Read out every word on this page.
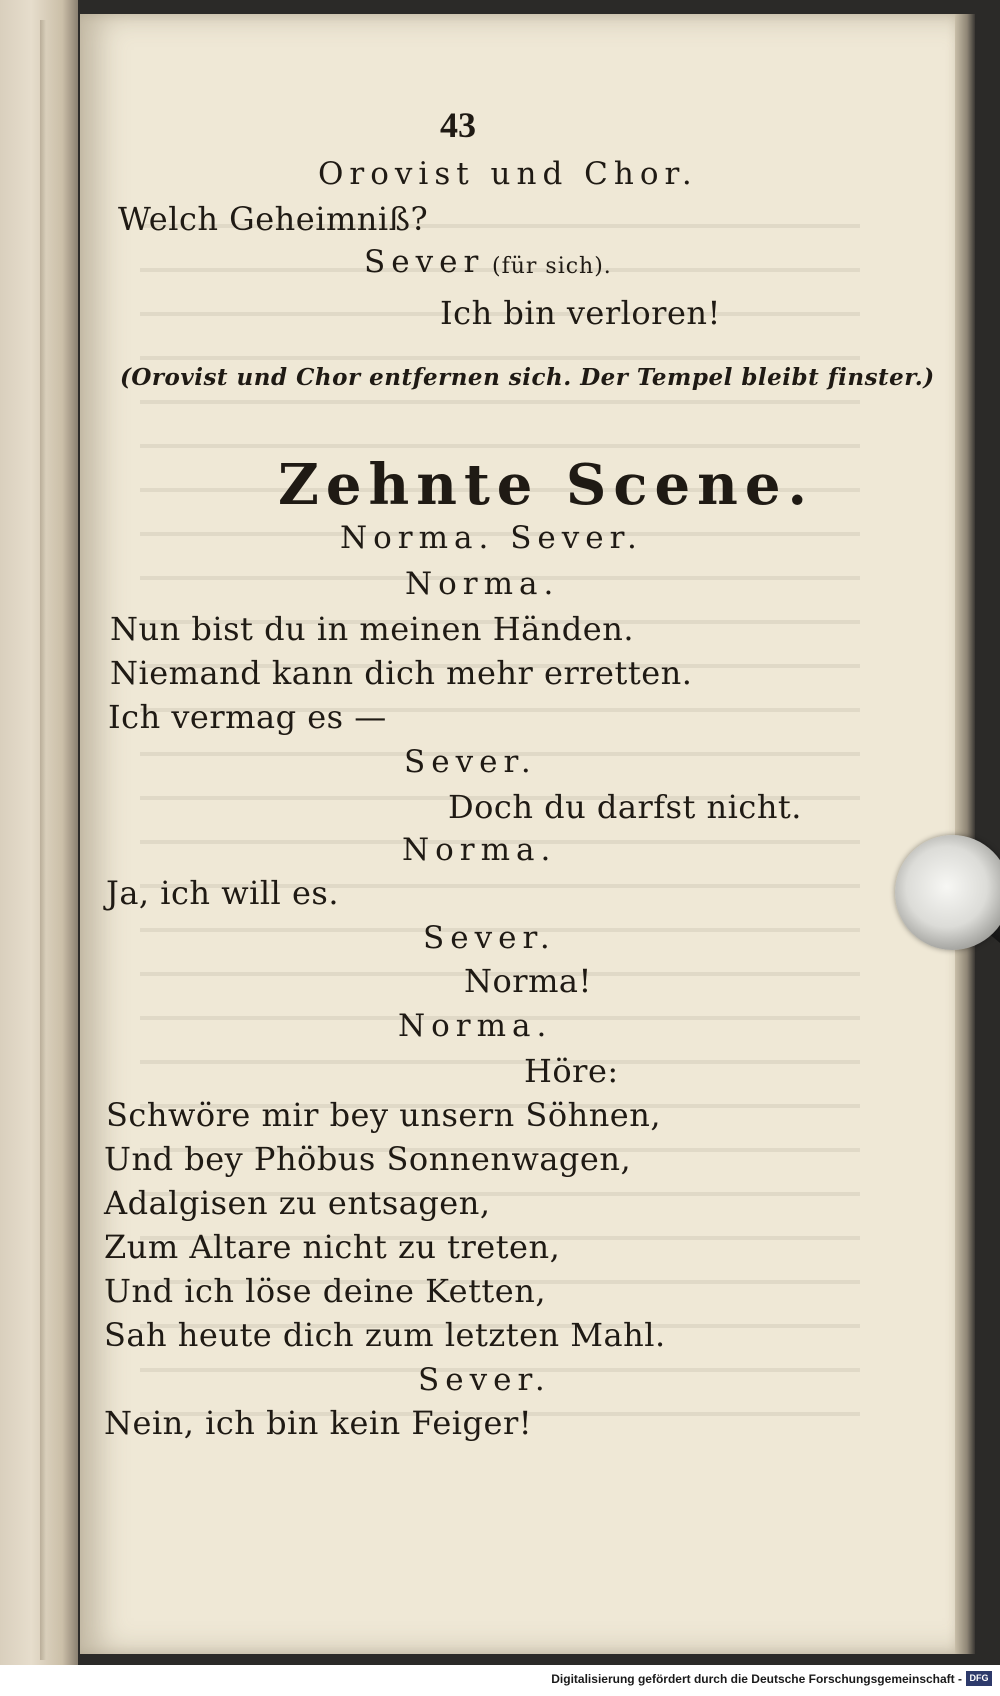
43
Orovist und Chor.
Welch Geheimniß?
Sever (für sich).
Ich bin verloren!
(Orovist und Chor entfernen sich. Der Tempel bleibt finster.)
Zehnte Scene.
Norma. Sever.
Norma.
Nun bist du in meinen Händen.
Niemand kann dich mehr erretten.
Ich vermag es —
Sever.
Doch du darfst nicht.
Norma.
Ja, ich will es.
Sever.
Norma!
Norma.
Höre:
Schwöre mir bey unsern Söhnen,
Und bey Phöbus Sonnenwagen,
Adalgisen zu entsagen,
Zum Altare nicht zu treten,
Und ich löse deine Ketten,
Sah heute dich zum letzten Mahl.
Sever.
Nein, ich bin kein Feiger!
Digitalisierung gefördert durch die Deutsche Forschungsgemeinschaft - DFG
